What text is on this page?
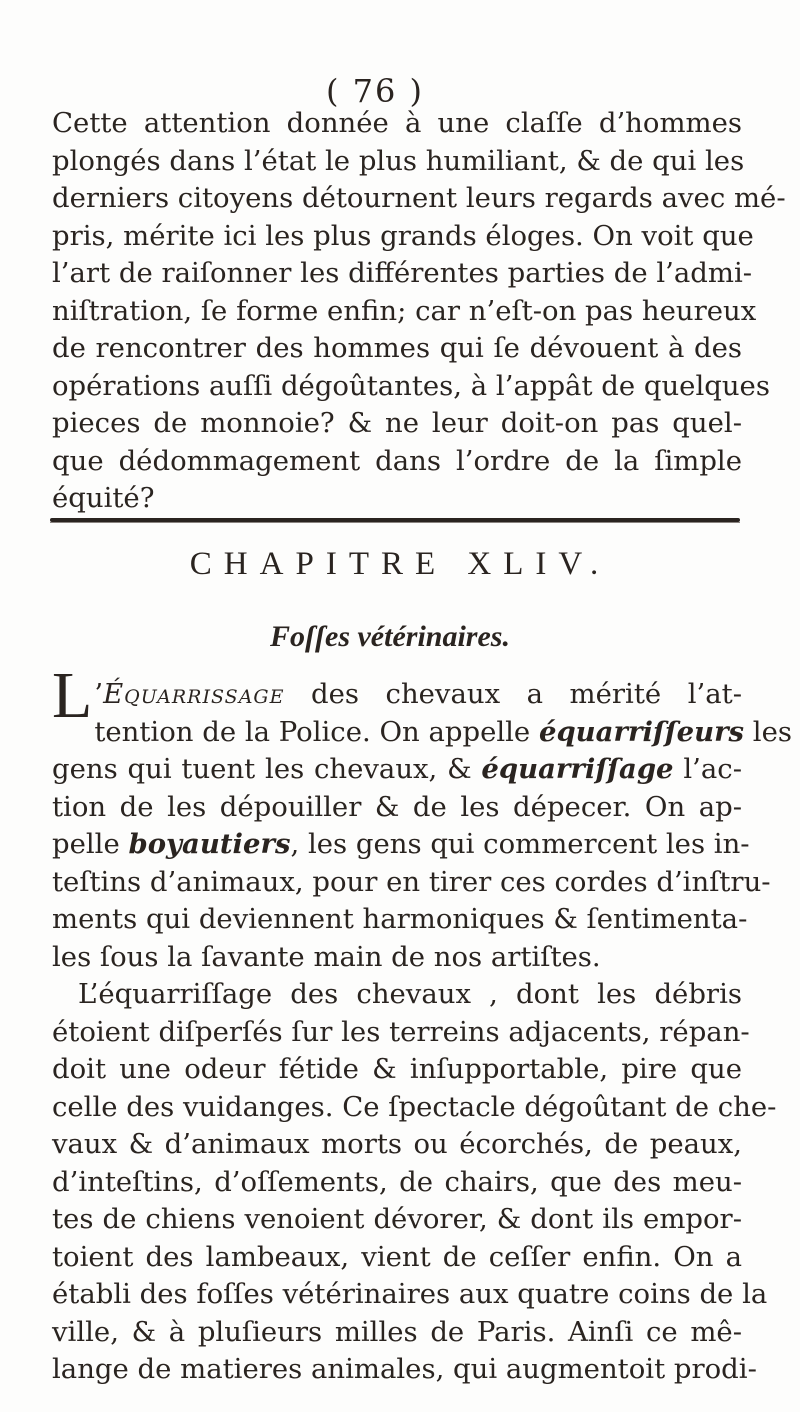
( 76 )
Cette attention donnée à une claſſe d’hommes
plongés dans l’état le plus humiliant, & de qui les
derniers citoyens détournent leurs regards avec mé-
pris, mérite ici les plus grands éloges. On voit que
l’art de raiſonner les différentes parties de l’admi-
niſtration, ſe forme enfin; car n’eſt-on pas heureux
de rencontrer des hommes qui ſe dévouent à des
opérations auſſi dégoûtantes, à l’appât de quelques
pieces de monnoie? & ne leur doit-on pas quel-
que dédommagement dans l’ordre de la ſimple
équité?
CHAPITRE XLIV.
Foſſes vétérinaires.
L ’Équarrissage des chevaux a mérité l’at-
tention de la Police. On appelle équarriſſeurs les
gens qui tuent les chevaux, & équarriſſage l’ac-
tion de les dépouiller & de les dépecer. On ap-
pelle boyautiers, les gens qui commercent les in-
teſtins d’animaux, pour en tirer ces cordes d’inſtru-
ments qui deviennent harmoniques & ſentimenta-
les ſous la ſavante main de nos artiſtes.
L’équarriſſage des chevaux , dont les débris
étoient diſperſés ſur les terreins adjacents, répan-
doit une odeur fétide & inſupportable, pire que
celle des vuidanges. Ce ſpectacle dégoûtant de che-
vaux & d’animaux morts ou écorchés, de peaux,
d’inteſtins, d’oſſements, de chairs, que des meu-
tes de chiens venoient dévorer, & dont ils empor-
toient des lambeaux, vient de ceſſer enfin. On a
établi des foſſes vétérinaires aux quatre coins de la
ville, & à pluſieurs milles de Paris. Ainſi ce mê-
lange de matieres animales, qui augmentoit prodi-
